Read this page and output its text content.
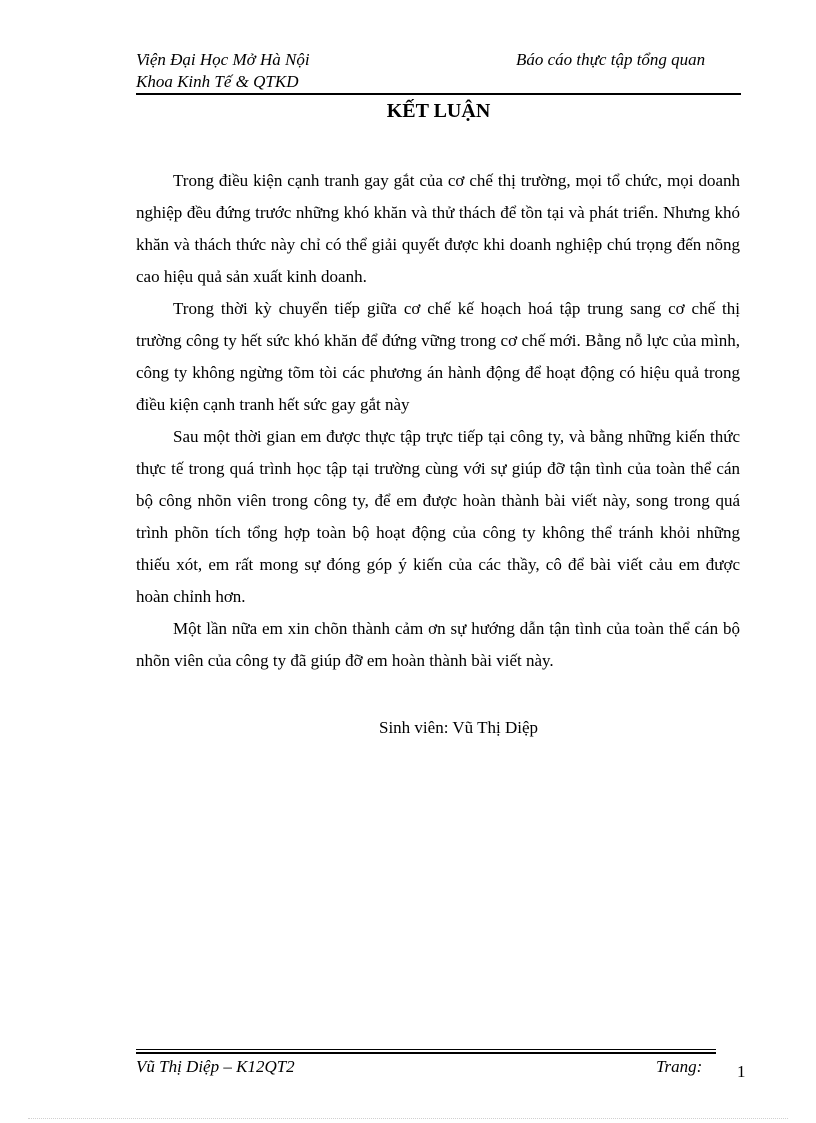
Viện Đại Học Mở Hà Nội
Khoa Kinh Tế & QTKD
Báo cáo thực tập tổng quan
KẾT LUẬN

Trong điều kiện cạnh tranh gay gắt của cơ chế thị trường, mọi tổ chức, mọi doanh nghiệp đều đứng trước những khó khăn và thử thách để tồn tại và phát triển. Nhưng khó khăn và thách thức này chỉ có thể giải quyết được khi doanh nghiệp chú trọng đến nõng cao hiệu quả sản xuất kinh doanh.

Trong thời kỳ chuyển tiếp giữa cơ chế kế hoạch hoá tập trung sang cơ chế thị trường công ty hết sức khó khăn để đứng vững trong cơ chế mới. Bằng nỗ lực của mình, công ty không ngừng tõm tòi các phương án hành động để hoạt động có hiệu quả trong điều kiện cạnh tranh hết sức gay gắt này

Sau một thời gian em được thực tập trực tiếp tại công ty, và bằng những kiến thức thực tế trong quá trình học tập tại trường cùng với sự giúp đỡ tận tình của toàn thể cán bộ công nhõn viên trong công ty, để em được hoàn thành bài viết này, song trong quá trình phõn tích tổng hợp toàn bộ hoạt động của công ty không thể tránh khỏi những thiếu xót, em rất mong sự đóng góp ý kiến của các thầy, cô để bài viết cảu em được hoàn chỉnh hơn.

Một lần nữa em xin chõn thành cảm ơn sự hướng dẫn tận tình của toàn thể cán bộ nhõn viên của công ty đã giúp đỡ em hoàn thành bài viết này.

Sinh viên: Vũ Thị Diệp
Vũ Thị Diệp – K12QT2	Trang: 1
